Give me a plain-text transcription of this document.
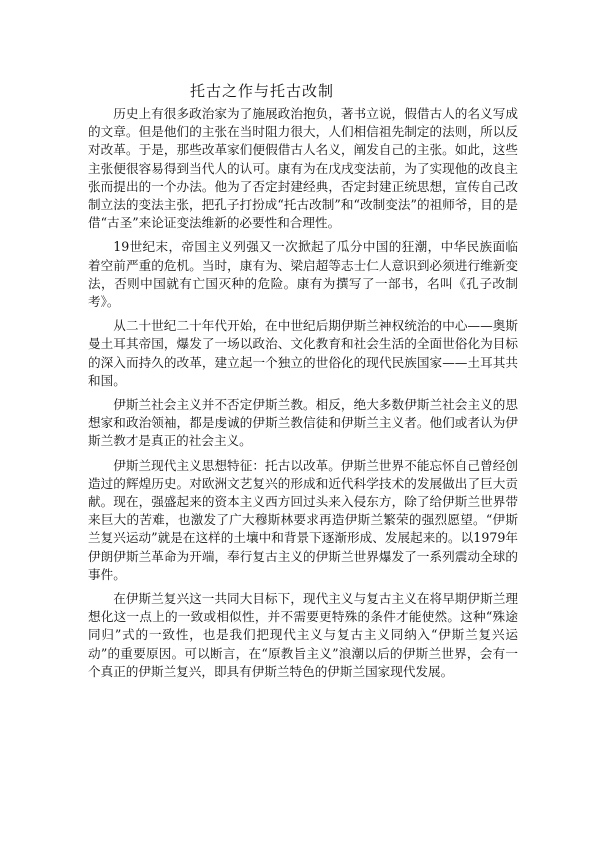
托古之作与托古改制

历史上有很多政治家为了施展政治抱负，著书立说，假借古人的名义写成的文章。但是他们的主张在当时阻力很大，人们相信祖先制定的法则，所以反对改革。于是，那些改革家们便假借古人名义，阐发自己的主张。如此，这些主张便很容易得到当代人的认可。康有为在戊戌变法前，为了实现他的改良主张而提出的一个办法。他为了否定封建经典，否定封建正统思想，宣传自己改制立法的变法主张，把孔子打扮成“托古改制”和“改制变法”的祖师爷，目的是借“古圣”来论证变法维新的必要性和合理性。

19世纪末，帝国主义列强又一次掀起了瓜分中国的狂潮，中华民族面临着空前严重的危机。当时，康有为、梁启超等志士仁人意识到必须进行维新变法，否则中国就有亡国灭种的危险。康有为撰写了一部书，名叫《孔子改制考》。

从二十世纪二十年代开始，在中世纪后期伊斯兰神权统治的中心——奥斯曼土耳其帝国，爆发了一场以政治、文化教育和社会生活的全面世俗化为目标的深入而持久的改革，建立起一个独立的世俗化的现代民族国家——土耳其共和国。

伊斯兰社会主义并不否定伊斯兰教。相反，绝大多数伊斯兰社会主义的思想家和政治领袖，都是虔诚的伊斯兰教信徒和伊斯兰主义者。他们或者认为伊斯兰教才是真正的社会主义。

伊斯兰现代主义思想特征：托古以改革。伊斯兰世界不能忘怀自己曾经创造过的辉煌历史。对欧洲文艺复兴的形成和近代科学技术的发展做出了巨大贡献。现在，强盛起来的资本主义西方回过头来入侵东方，除了给伊斯兰世界带来巨大的苦难，也激发了广大穆斯林要求再造伊斯兰繁荣的强烈愿望。“伊斯兰复兴运动”就是在这样的土壤中和背景下逐渐形成、发展起来的。以1979年伊朗伊斯兰革命为开端，奉行复古主义的伊斯兰世界爆发了一系列震动全球的事件。

在伊斯兰复兴这一共同大目标下，现代主义与复古主义在将早期伊斯兰理想化这一点上的一致或相似性，并不需要更特殊的条件才能使然。这种“殊途同归”式的一致性，也是我们把现代主义与复古主义同纳入“伊斯兰复兴运动”的重要原因。可以断言，在“原教旨主义”浪潮以后的伊斯兰世界，会有一个真正的伊斯兰复兴，即具有伊斯兰特色的伊斯兰国家现代发展。
